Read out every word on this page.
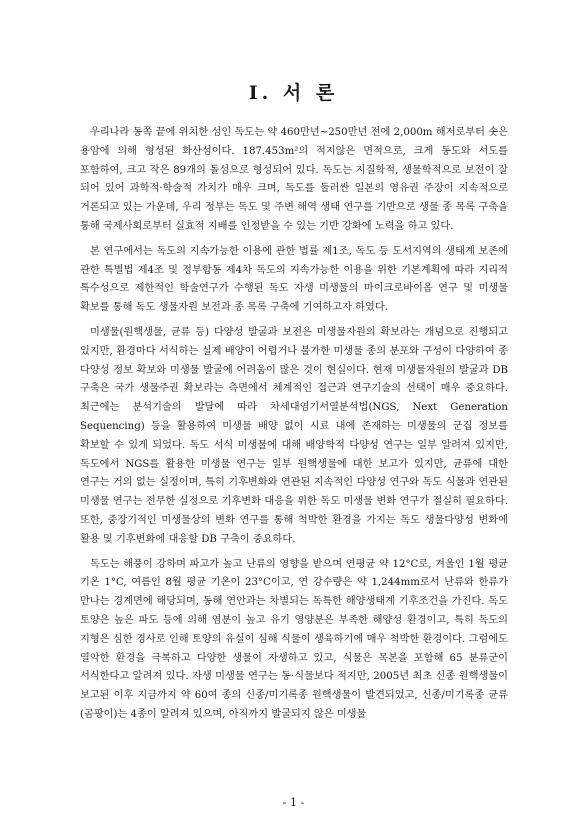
Ⅰ. 서 론

우리나라 동쪽 끝에 위치한 섬인 독도는 약 460만년~250만년 전에 2,000m 해저로부터 솟은 용암에 의해 형성된 화산섬이다. 187.453m²의 적지않은 면적으로, 크게 동도와 서도를 포함하여, 크고 작은 89개의 돌섬으로 형성되어 있다. 독도는 지질학적, 생물학적으로 보전이 잘 되어 있어 과학적·학술적 가치가 매우 크며, 독도를 둘러싼 일본의 영유권 주장이 지속적으로 거론되고 있는 가운데, 우리 정부는 독도 및 주변 해역 생태 연구를 기반으로 생물 종 목록 구축을 통해 국제사회로부터 실효적 지배를 인정받을 수 있는 기반 강화에 노력을 하고 있다.

본 연구에서는 독도의 지속가능한 이용에 관한 법률 제1조, 독도 등 도서지역의 생태계 보존에 관한 특별법 제4조 및 정부합동 제4차 독도의 지속가능한 이용을 위한 기본계획에 따라 지리적 특수성으로 제한적인 학술연구가 수행된 독도 자생 미생물의 마이크로바이옴 연구 및 미생물 확보를 통해 독도 생물자원 보전과 종 목록 구축에 기여하고자 하였다.

미생물(원핵생물, 균류 등) 다양성 발굴과 보전은 미생물자원의 확보라는 개념으로 진행되고 있지만, 환경마다 서식하는 실제 배양이 어렵거나 불가한 미생물 종의 분포와 구성이 다양하여 종 다양성 정보 확보와 미생물 발굴에 어려움이 많은 것이 현실이다. 현재 미생물자원의 발굴과 DB 구축은 국가 생물주권 확보라는 측면에서 체계적인 접근과 연구기술의 선택이 매우 중요하다. 최근에는 분석기술의 발달에 따라 차세대염기서열분석법(NGS, Next Generation Sequencing) 등을 활용하여 미생물 배양 없이 시료 내에 존재하는 미생물의 군집 정보를 확보할 수 있게 되었다. 독도 서식 미생물에 대해 배양학적 다양성 연구는 일부 알려져 있지만, 독도에서 NGS를 활용한 미생물 연구는 일부 원핵생물에 대한 보고가 있지만, 균류에 대한 연구는 거의 없는 실정이며, 특히 기후변화와 연관된 지속적인 다양성 연구와 독도 식물과 연관된 미생물 연구는 전무한 실정으로 기후변화 대응을 위한 독도 미생물 변화 연구가 절실히 필요하다. 또한, 중장기적인 미생물상의 변화 연구를 통해 척박한 환경을 가지는 독도 생물다양성 변화에 활용 및 기후변화에 대응할 DB 구축이 중요하다.

독도는 해풍이 강하며 파고가 높고 난류의 영향을 받으며 연평균 약 12°C로, 겨울인 1월 평균 기온 1°C, 여름인 8월 평균 기온이 23°C이고, 연 강수량은 약 1,244mm로서 난류와 한류가 만나는 경계면에 해당되며, 동해 연안과는 차별되는 독특한 해양생태계 기후조건을 가진다. 독도 토양은 높은 파도 등에 의해 염분이 높고 유기 영양분은 부족한 해양성 환경이고, 특히 독도의 지형은 심한 경사로 인해 토양의 유실이 심해 식물이 생육하기에 매우 척박한 환경이다. 그럼에도 열악한 환경을 극복하고 다양한 생물이 자생하고 있고, 식물은 목본을 포함해 65 분류군이 서식한다고 알려져 있다. 자생 미생물 연구는 동·식물보다 적지만, 2005년 최초 신종 원핵생물이 보고된 이후 지금까지 약 60여 종의 신종/미기록종 원핵생물이 발견되었고, 신종/미기록종 균류(곰팡이)는 4종이 알려져 있으며, 아직까지 발굴되지 않은 미생물

- 1 -
